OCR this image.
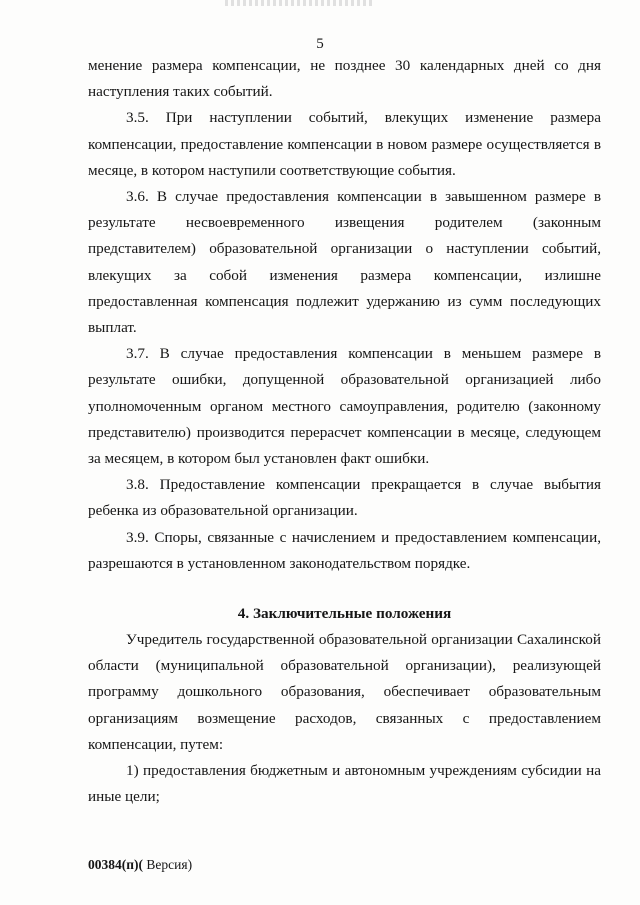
5

менение размера компенсации, не позднее 30 календарных дней со дня наступления таких событий.

3.5. При наступлении событий, влекущих изменение размера компенсации, предоставление компенсации в новом размере осуществляется в месяце, в котором наступили соответствующие события.

3.6. В случае предоставления компенсации в завышенном размере в результате несвоевременного извещения родителем (законным представителем) образовательной организации о наступлении событий, влекущих за собой изменения размера компенсации, излишне предоставленная компенсация подлежит удержанию из сумм последующих выплат.

3.7. В случае предоставления компенсации в меньшем размере в результате ошибки, допущенной образовательной организацией либо уполномоченным органом местного самоуправления, родителю (законному представителю) производится перерасчет компенсации в месяце, следующем за месяцем, в котором был установлен факт ошибки.

3.8. Предоставление компенсации прекращается в случае выбытия ребенка из образовательной организации.

3.9. Споры, связанные с начислением и предоставлением компенсации, разрешаются в установленном законодательством порядке.

4. Заключительные положения

Учредитель государственной образовательной организации Сахалинской области (муниципальной образовательной организации), реализующей программу дошкольного образования, обеспечивает образовательным организациям возмещение расходов, связанных с предоставлением компенсации, путем:

1) предоставления бюджетным и автономным учреждениям субсидии на иные цели;

00384(п)( Версия)
